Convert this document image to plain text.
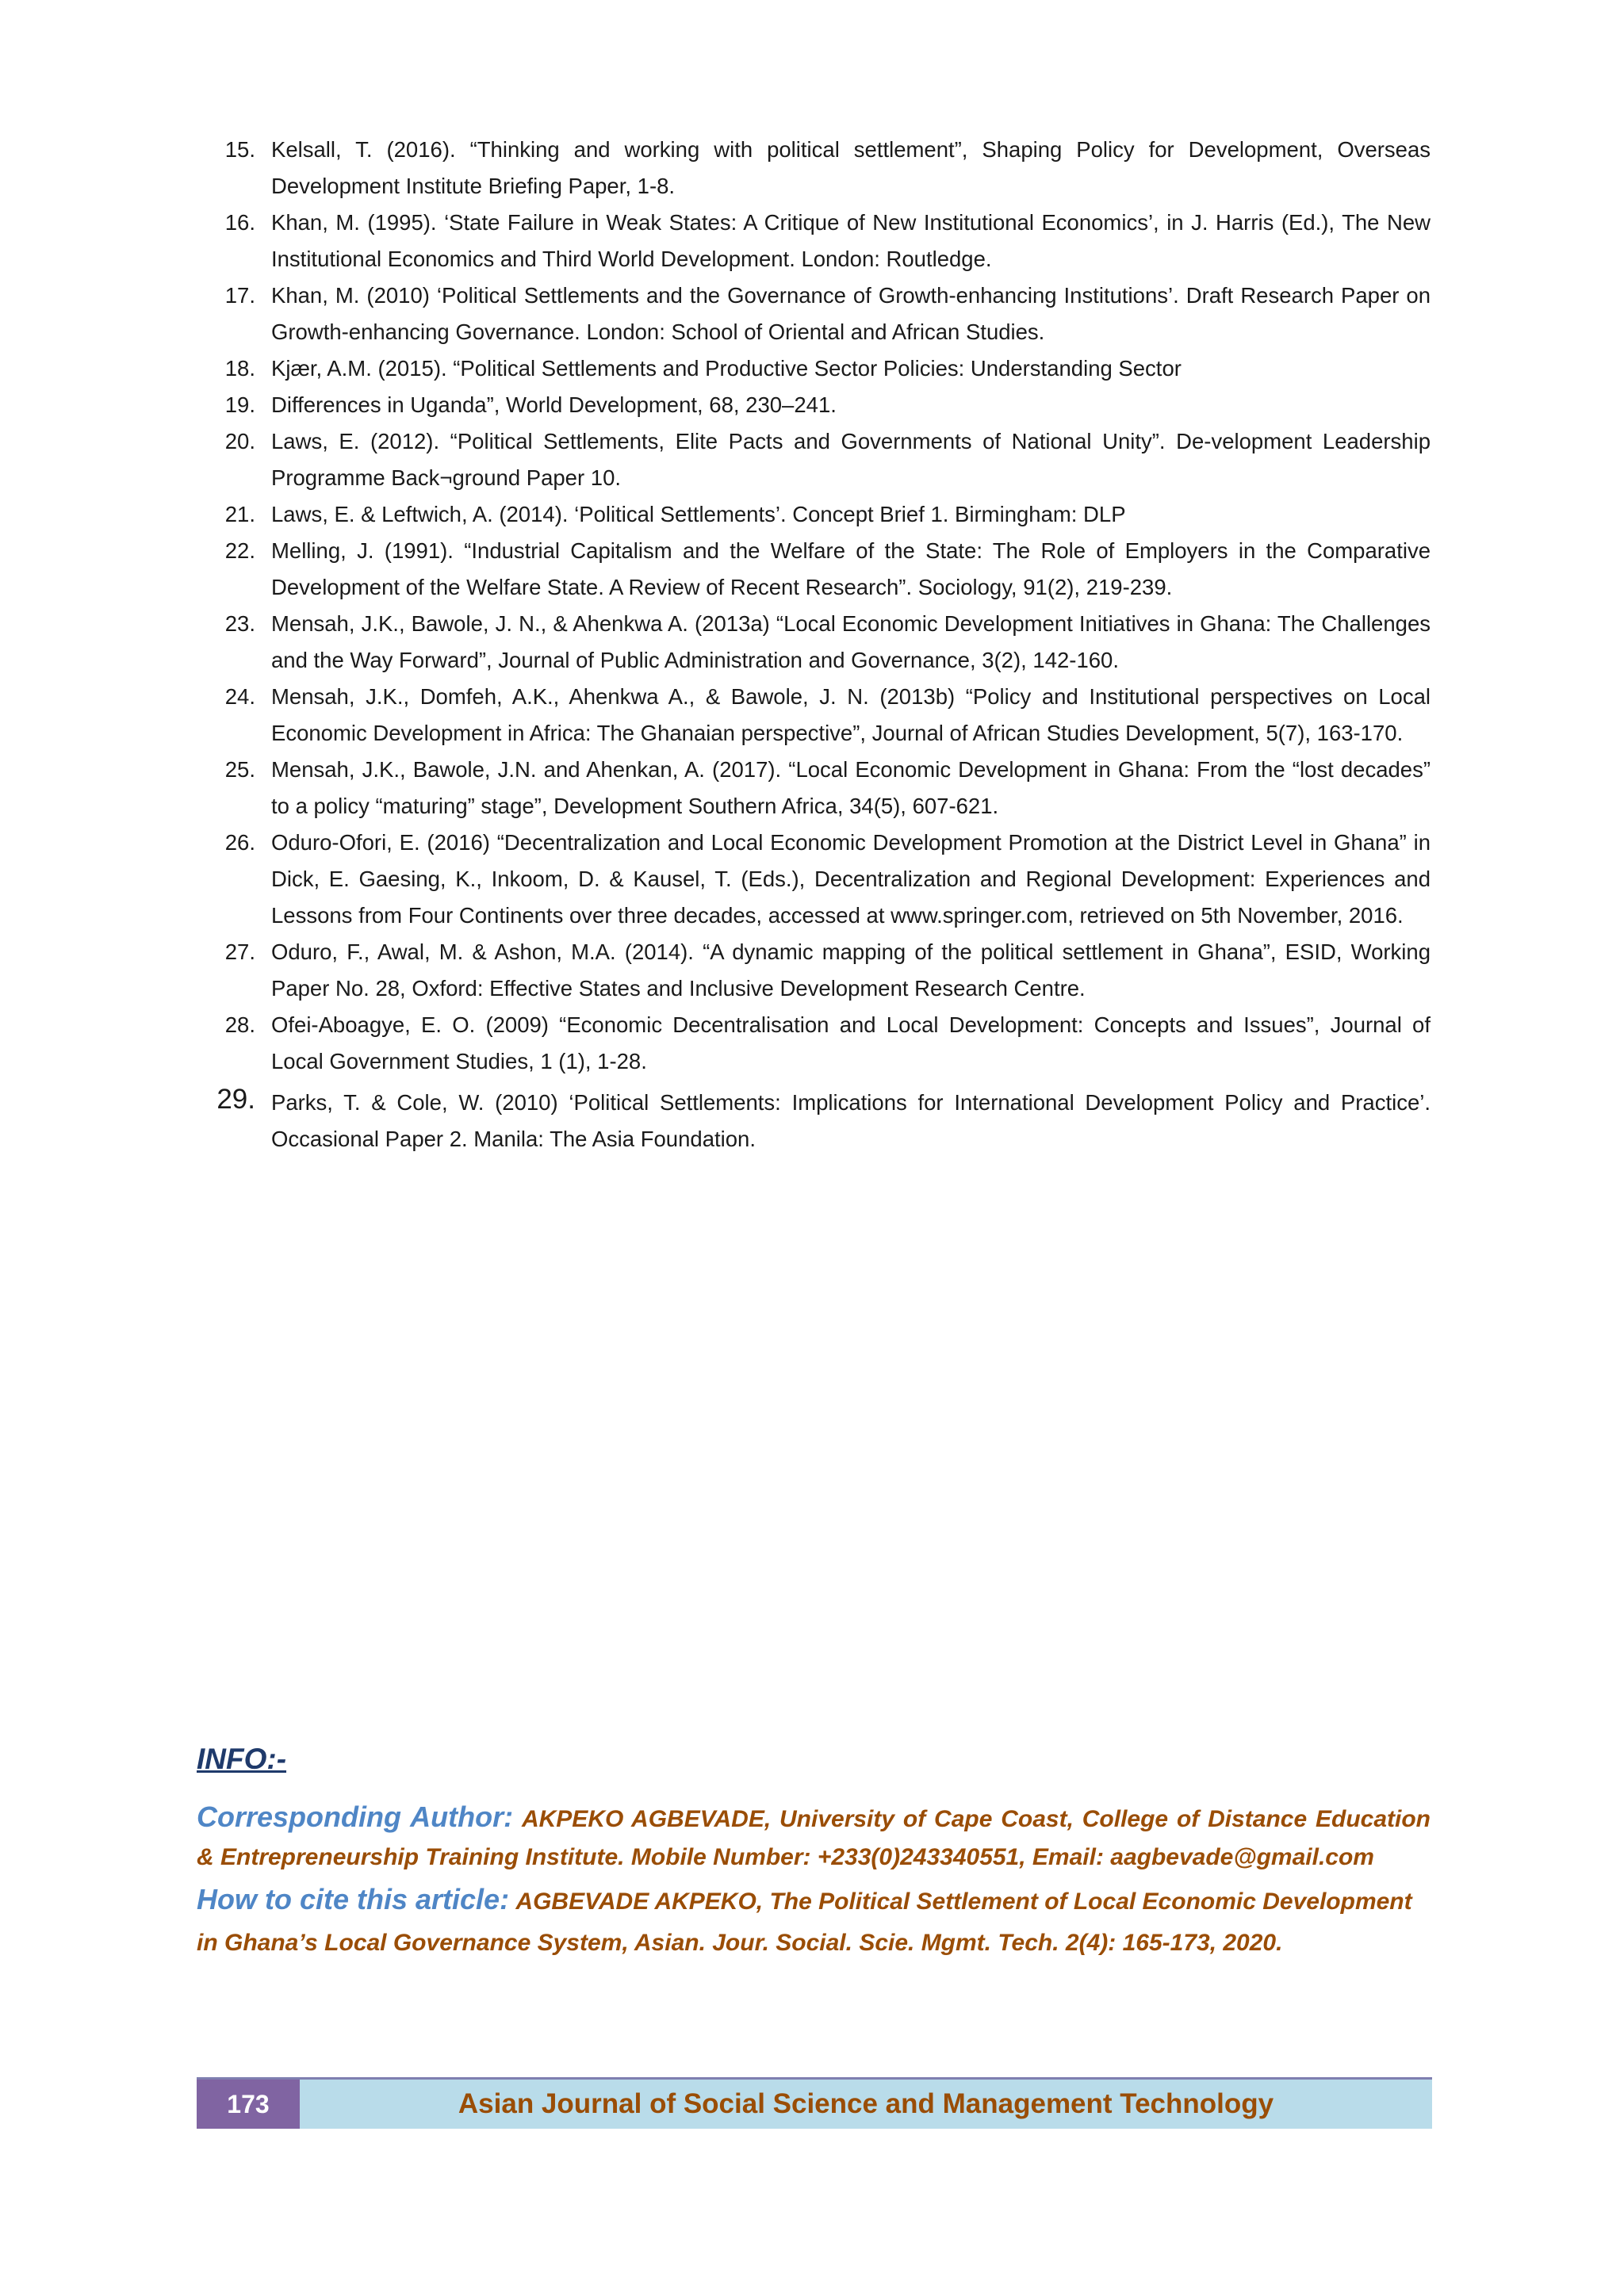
15. Kelsall, T. (2016). “Thinking and working with political settlement”, Shaping Policy for Development, Overseas Development Institute Briefing Paper, 1-8.
16. Khan, M. (1995). ‘State Failure in Weak States: A Critique of New Institutional Economics’, in J. Harris (Ed.), The New Institutional Economics and Third World Development. London: Routledge.
17. Khan, M. (2010) ‘Political Settlements and the Governance of Growth-enhancing Institutions’. Draft Research Paper on Growth-enhancing Governance. London: School of Oriental and African Studies.
18. Kjær, A.M. (2015). “Political Settlements and Productive Sector Policies: Understanding Sector
19. Differences in Uganda”, World Development, 68, 230–241.
20. Laws, E. (2012). “Political Settlements, Elite Pacts and Governments of National Unity”. De-velopment Leadership Programme Back¬ground Paper 10.
21. Laws, E. & Leftwich, A. (2014). ‘Political Settlements’. Concept Brief 1. Birmingham: DLP
22. Melling, J. (1991). “Industrial Capitalism and the Welfare of the State: The Role of Employers in the Comparative Development of the Welfare State. A Review of Recent Research”. Sociology, 91(2), 219-239.
23. Mensah, J.K., Bawole, J. N., & Ahenkwa A. (2013a) “Local Economic Development Initiatives in Ghana: The Challenges and the Way Forward”, Journal of Public Administration and Governance, 3(2), 142-160.
24. Mensah, J.K., Domfeh, A.K., Ahenkwa A., & Bawole, J. N. (2013b) “Policy and Institutional perspectives on Local Economic Development in Africa: The Ghanaian perspective”, Journal of African Studies Development, 5(7), 163-170.
25. Mensah, J.K., Bawole, J.N. and Ahenkan, A. (2017). “Local Economic Development in Ghana: From the “lost decades” to a policy “maturing” stage”, Development Southern Africa, 34(5), 607-621.
26. Oduro-Ofori, E. (2016) “Decentralization and Local Economic Development Promotion at the District Level in Ghana” in Dick, E. Gaesing, K., Inkoom, D. & Kausel, T. (Eds.), Decentralization and Regional Development: Experiences and Lessons from Four Continents over three decades, accessed at www.springer.com, retrieved on 5th November, 2016.
27. Oduro, F., Awal, M. & Ashon, M.A. (2014). “A dynamic mapping of the political settlement in Ghana”, ESID, Working Paper No. 28, Oxford: Effective States and Inclusive Development Research Centre.
28. Ofei-Aboagye, E. O. (2009) “Economic Decentralisation and Local Development: Concepts and Issues”, Journal of Local Government Studies, 1 (1), 1-28.
29. Parks, T. & Cole, W. (2010) ‘Political Settlements: Implications for International Development Policy and Practice’. Occasional Paper 2. Manila: The Asia Foundation.

INFO:-

Corresponding Author: AKPEKO AGBEVADE, University of Cape Coast, College of Distance Education & Entrepreneurship Training Institute. Mobile Number: +233(0)243340551, Email: aagbevade@gmail.com

How to cite this article: AGBEVADE AKPEKO, The Political Settlement of Local Economic Development in Ghana’s Local Governance System, Asian. Jour. Social. Scie. Mgmt. Tech. 2(4): 165-173, 2020.

173	Asian Journal of Social Science and Management Technology
